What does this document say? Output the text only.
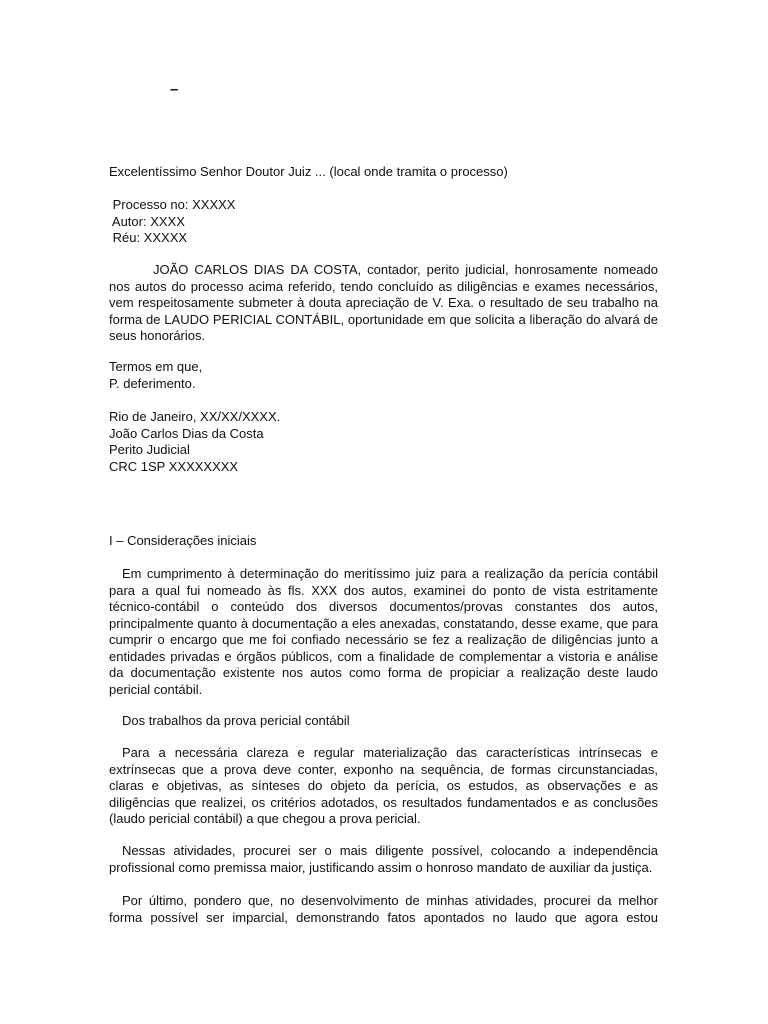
–

Excelentíssimo Senhor Doutor Juiz ... (local onde tramita o processo)

Processo no: XXXXX

Autor: XXXX

Réu: XXXXX

JOÃO CARLOS DIAS DA COSTA, contador, perito judicial, honrosamente nomeado nos autos do processo acima referido, tendo concluído as diligências e exames necessários, vem respeitosamente submeter à douta apreciação de V. Exa. o resultado de seu trabalho na forma de LAUDO PERICIAL CONTÁBIL, oportunidade em que solicita a liberação do alvará de seus honorários.

Termos em que,

P. deferimento.

Rio de Janeiro, XX/XX/XXXX.

João Carlos Dias da Costa

Perito Judicial

CRC 1SP XXXXXXXX

I – Considerações iniciais

Em cumprimento à determinação do meritíssimo juiz para a realização da perícia contábil para a qual fui nomeado às fls. XXX dos autos, examinei do ponto de vista estritamente técnico-contábil o conteúdo dos diversos documentos/provas constantes dos autos, principalmente quanto à documentação a eles anexadas, constatando, desse exame, que para cumprir o encargo que me foi confiado necessário se fez a realização de diligências junto a entidades privadas e órgãos públicos, com a finalidade de complementar a vistoria e análise da documentação existente nos autos como forma de propiciar a realização deste laudo pericial contábil.

Dos trabalhos da prova pericial contábil

Para a necessária clareza e regular materialização das características intrínsecas e extrínsecas que a prova deve conter, exponho na sequência, de formas circunstanciadas, claras e objetivas, as sínteses do objeto da perícia, os estudos, as observações e as diligências que realizei, os critérios adotados, os resultados fundamentados e as conclusões (laudo pericial contábil) a que chegou a prova pericial.

Nessas atividades, procurei ser o mais diligente possível, colocando a independência profissional como premissa maior, justificando assim o honroso mandato de auxiliar da justiça.

Por último, pondero que, no desenvolvimento de minhas atividades, procurei da melhor forma possível ser imparcial, demonstrando fatos apontados no laudo que agora estou
